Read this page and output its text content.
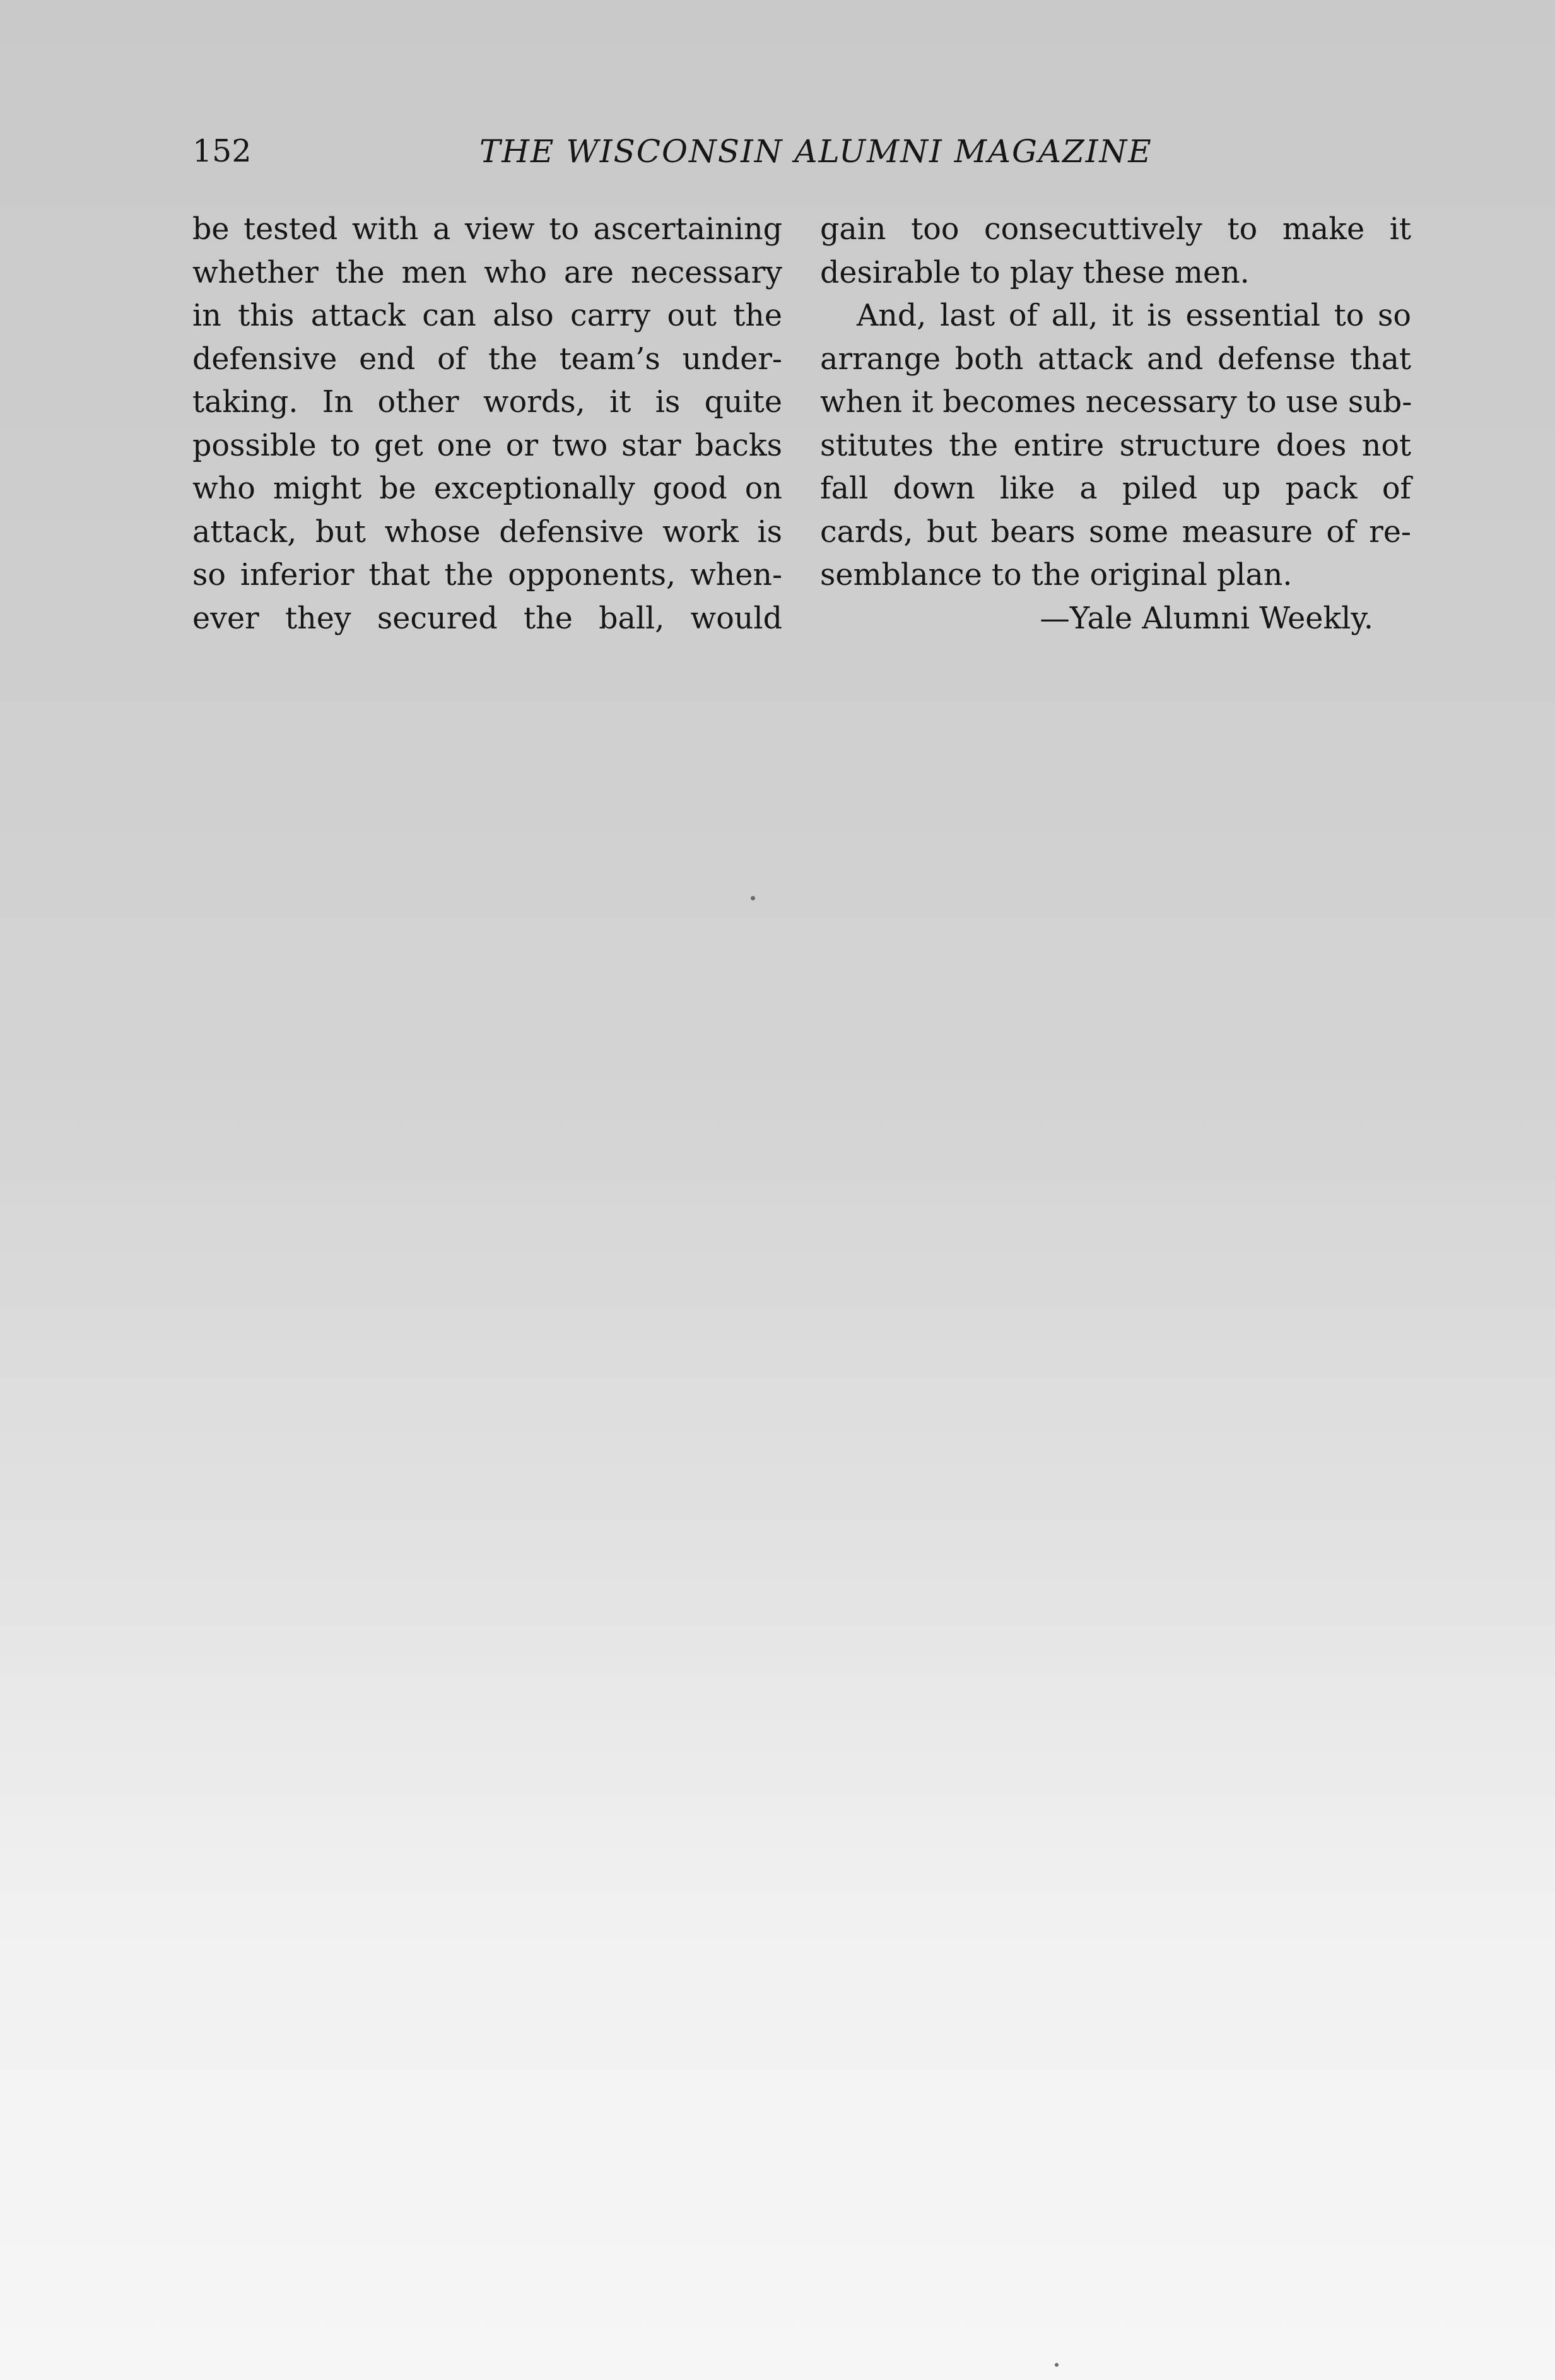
152	THE WISCONSIN ALUMNI MAGAZINE
be tested with a view to ascertaining
whether the men who are necessary
in this attack can also carry out the
defensive end of the team’s under-
taking. In other words, it is quite
possible to get one or two star backs
who might be exceptionally good on
attack, but whose defensive work is
so inferior that the opponents, when-
ever they secured the ball, would
gain too consecuttively to make it
desirable to play these men.
And, last of all, it is essential to so
arrange both attack and defense that
when it becomes necessary to use sub-
stitutes the entire structure does not
fall down like a piled up pack of
cards, but bears some measure of re-
semblance to the original plan.
—Yale Alumni Weekly.
